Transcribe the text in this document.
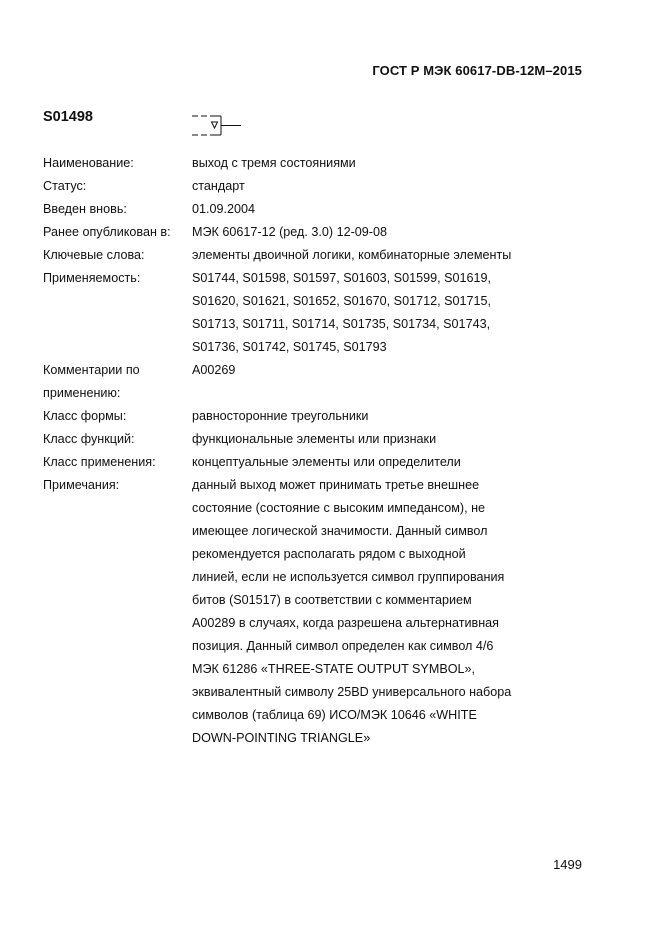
ГОСТ Р МЭК 60617-DB-12M–2015
S01498
Наименование:	выход с тремя состояниями
Статус:	стандарт
Введен вновь:	01.09.2004
Ранее опубликован в:	МЭК 60617-12 (ред. 3.0) 12-09-08
Ключевые слова:	элементы двоичной логики, комбинаторные элементы
Применяемость:	S01744, S01598, S01597, S01603, S01599, S01619,
S01620, S01621, S01652, S01670, S01712, S01715,
S01713, S01711, S01714, S01735, S01734, S01743,
S01736, S01742, S01745, S01793
Комментарии по
применению:
A00269
Класс формы:	равносторонние треугольники
Класс функций:	функциональные элементы или признаки
Класс применения:	концептуальные элементы или определители
Примечания:	данный выход может принимать третье внешнее
состояние (состояние с высоким импедансом), не
имеющее логической значимости. Данный символ
рекомендуется располагать рядом с выходной
линией, если не используется символ группирования
битов (S01517) в соответствии с комментарием
A00289 в случаях, когда разрешена альтернативная
позиция. Данный символ определен как символ 4/6
МЭК 61286 «THREE-STATE OUTPUT SYMBOL»,
эквивалентный символу 25BD универсального набора
символов (таблица 69) ИСО/МЭК 10646 «WHITE
DOWN-POINTING TRIANGLE»
1499
